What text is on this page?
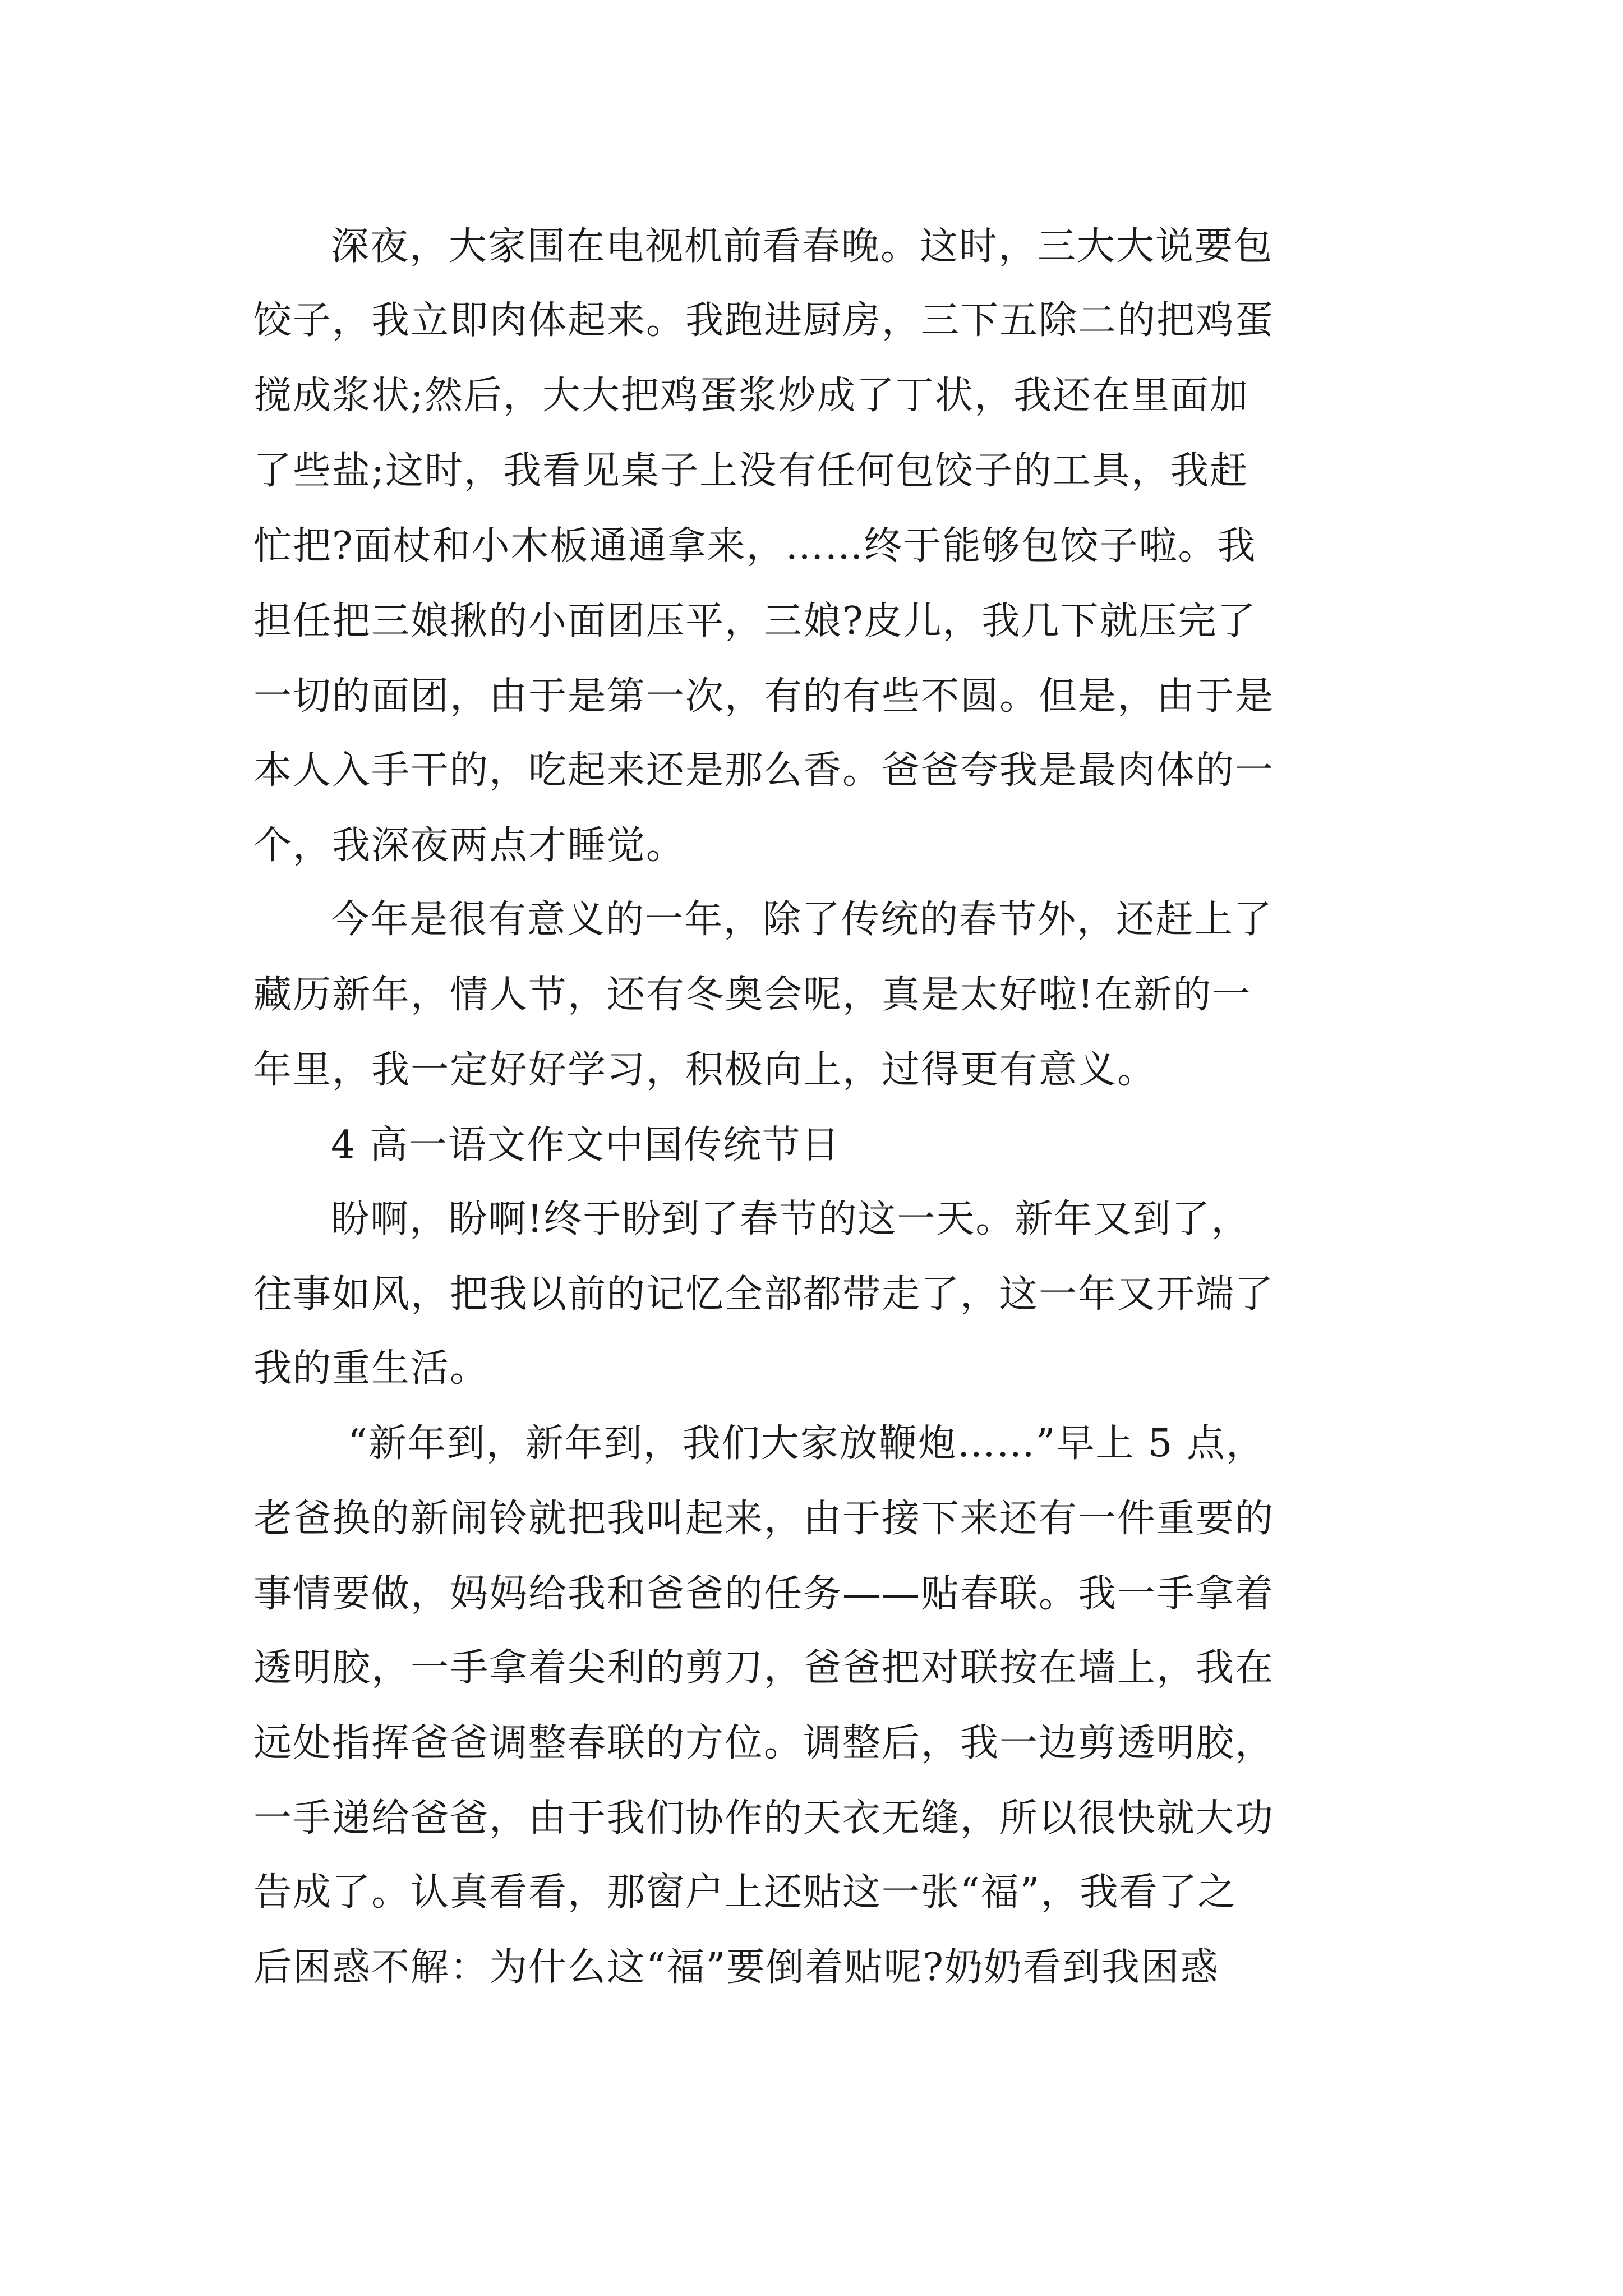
深夜，大家围在电视机前看春晚。这时，三大大说要包
饺子，我立即肉体起来。我跑进厨房，三下五除二的把鸡蛋
搅成浆状;然后，大大把鸡蛋浆炒成了丁状，我还在里面加
了些盐;这时，我看见桌子上没有任何包饺子的工具，我赶
忙把?面杖和小木板通通拿来，……终于能够包饺子啦。我
担任把三娘揪的小面团压平，三娘?皮儿，我几下就压完了
一切的面团，由于是第一次，有的有些不圆。但是，由于是
本人入手干的，吃起来还是那么香。爸爸夸我是最肉体的一
个，我深夜两点才睡觉。
今年是很有意义的一年，除了传统的春节外，还赶上了
藏历新年，情人节，还有冬奥会呢，真是太好啦!在新的一
年里，我一定好好学习，积极向上，过得更有意义。
4 高一语文作文中国传统节日
盼啊，盼啊!终于盼到了春节的这一天。新年又到了，
往事如风，把我以前的记忆全部都带走了，这一年又开端了
我的重生活。
“新年到，新年到，我们大家放鞭炮……”早上 5 点，
老爸换的新闹铃就把我叫起来，由于接下来还有一件重要的
事情要做，妈妈给我和爸爸的任务——贴春联。我一手拿着
透明胶，一手拿着尖利的剪刀，爸爸把对联按在墙上，我在
远处指挥爸爸调整春联的方位。调整后，我一边剪透明胶，
一手递给爸爸，由于我们协作的天衣无缝，所以很快就大功
告成了。认真看看，那窗户上还贴这一张“福”，我看了之
后困惑不解：为什么这“福”要倒着贴呢?奶奶看到我困惑
